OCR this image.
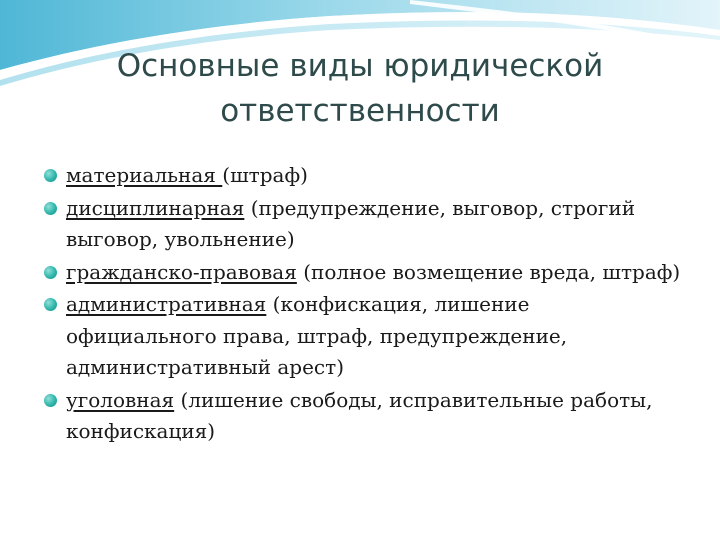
Основные виды юридической
ответственности
материальная (штраф)
дисциплинарная (предупреждение, выговор, строгий выговор, увольнение)
гражданско-правовая (полное возмещение вреда, штраф)
административная (конфискация, лишение официального права, штраф, предупреждение, административный арест)
уголовная (лишение свободы, исправительные работы, конфискация)
